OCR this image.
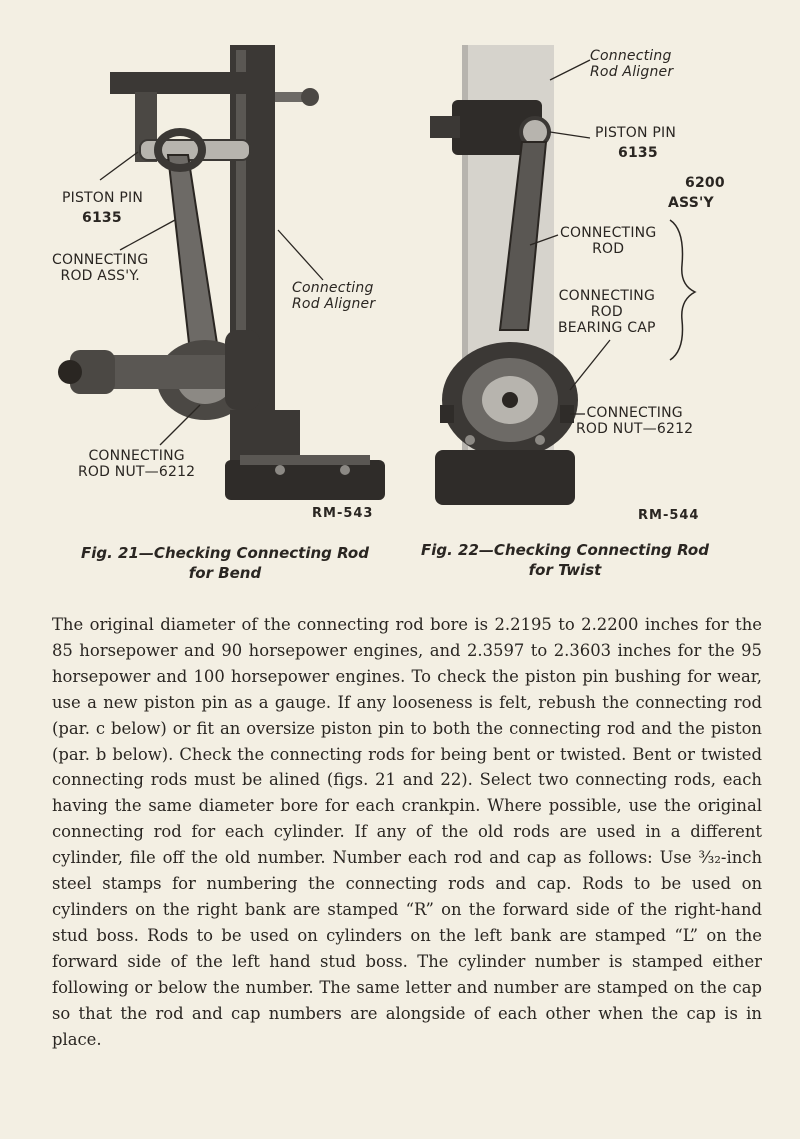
PISTON PIN
6135
CONNECTING
ROD ASS'Y.
Connecting
Rod Aligner
CONNECTING
ROD NUT—6212
RM-543
Fig. 21—Checking Connecting Rod
for Bend
Connecting
Rod Aligner
PISTON PIN
6135
6200
ASS'Y
CONNECTING
ROD
CONNECTING
ROD
BEARING CAP
CONNECTING
ROD NUT—6212
RM-544
Fig. 22—Checking Connecting Rod
for Twist
The original diameter of the connecting rod bore is 2.2195 to 2.2200 inches for the 85 horsepower and 90 horsepower engines, and 2.3597 to 2.3603 inches for the 95 horsepower and 100 horsepower engines. To check the piston pin bushing for wear, use a new piston pin as a gauge. If any looseness is felt, rebush the connecting rod (par. c below) or fit an oversize piston pin to both the connecting rod and the piston (par. b below). Check the connecting rods for being bent or twisted. Bent or twisted connecting rods must be alined (figs. 21 and 22). Select two connecting rods, each having the same diameter bore for each crankpin. Where possible, use the original connecting rod for each cylinder. If any of the old rods are used in a different cylinder, file off the old number. Number each rod and cap as follows: Use ³⁄₃₂-inch steel stamps for numbering the connecting rods and cap. Rods to be used on cylinders on the right bank are stamped “R” on the forward side of the right-hand stud boss. Rods to be used on cylinders on the left bank are stamped “L” on the forward side of the left hand stud boss. The cylinder number is stamped either following or below the number. The same letter and number are stamped on the cap so that the rod and cap numbers are alongside of each other when the cap is in place.
